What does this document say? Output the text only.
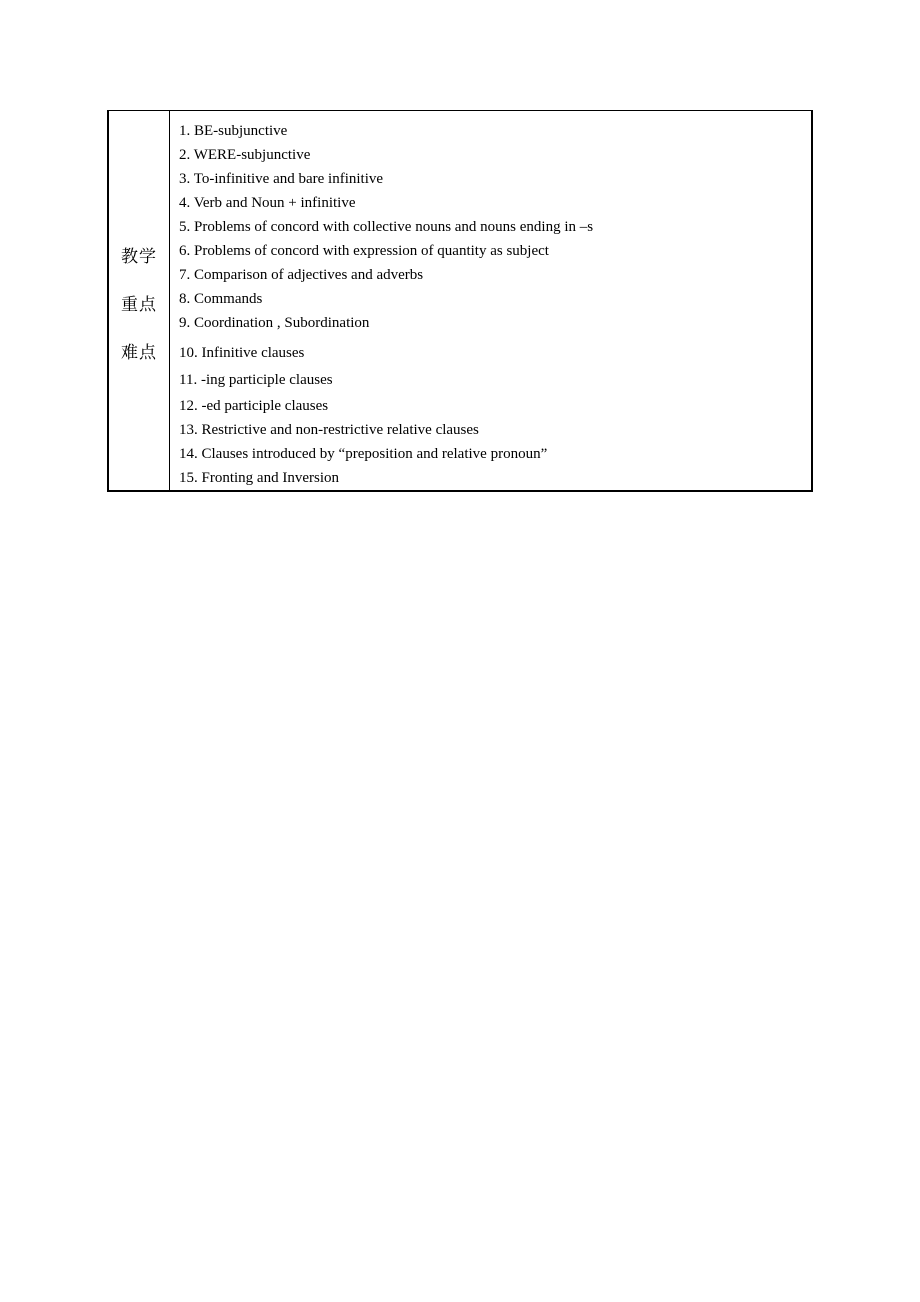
教学
重点
难点
1. BE-subjunctive
2. WERE-subjunctive
3. To-infinitive and bare infinitive
4. Verb and Noun + infinitive
5. Problems of concord with collective nouns and nouns ending in –s
6. Problems of concord with expression of quantity as subject
7. Comparison of adjectives and adverbs
8. Commands
9. Coordination , Subordination
10. Infinitive clauses
11. -ing participle clauses
12. -ed participle clauses
13. Restrictive and non-restrictive relative clauses
14. Clauses introduced by “preposition and relative pronoun”
15. Fronting and Inversion
